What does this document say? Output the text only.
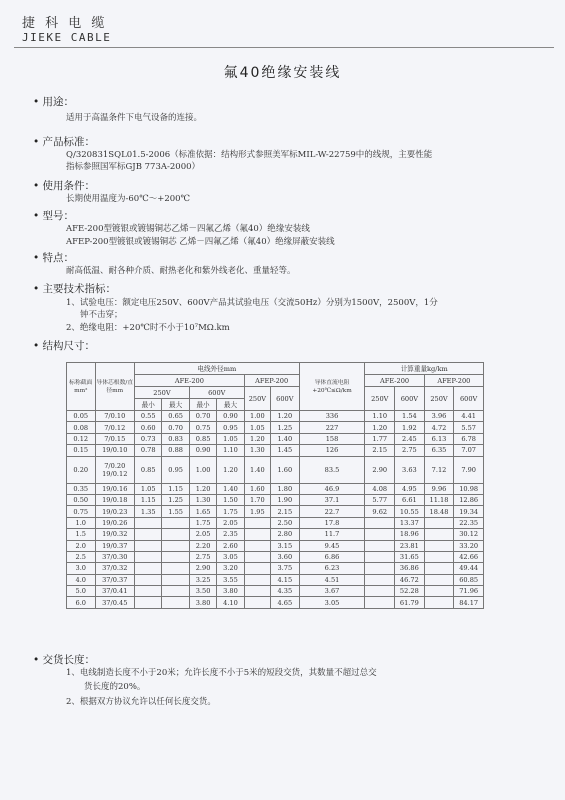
捷 科 电 缆
JIEKE CABLE
氟40绝缘安装线
• 用途：
适用于高温条件下电气设备的连接。
• 产品标准：
Q/320831SQL01.5-2006（标准依据：结构形式参照美军标MIL-W-22759中的线规，主要性能
指标参照国军标GJB 773A-2000）
• 使用条件：
长期使用温度为-60℃～+200℃
• 型号：
AFE-200型镀银或镀锡铜芯乙烯－四氟乙烯（氟40）绝缘安装线
AFEP-200型镀银或镀锡铜芯 乙烯－四氟乙烯（氟40）绝缘屏蔽安装线
• 特点：
耐高低温、耐各种介质、耐热老化和紫外线老化、重量轻等。
• 主要技术指标：
1、试验电压：额定电压250V、600V产品其试验电压（交流50Hz）分别为1500V，2500V，1分
钟不击穿；
2、绝缘电阻：+20℃时不小于10⁷MΩ.km
• 结构尺寸：
标称截面mm²	导体芯根数/直径mm	电线外径mm						导体直流电阻+20℃≤Ω/km	计算重量kg/km			
		AFE-200				AFEP-200			AFE-200		AFEP-200	
		250V		600V		250V	600V		250V	600V	250V	600V
		最小	最大	最小	最大							
0.05	7/0.10	0.55	0.65	0.70	0.90	1.00	1.20	336	1.10	1.54	3.96	4.41
0.08	7/0.12	0.60	0.70	0.75	0.95	1.05	1.25	227	1.20	1.92	4.72	5.57
0.12	7/0.15	0.73	0.83	0.85	1.05	1.20	1.40	158	1.77	2.45	6.13	6.78
0.15	19/0.10	0.78	0.88	0.90	1.10	1.30	1.45	126	2.15	2.75	6.35	7.07
0.20	7/0.20 19/0.12	0.85	0.95	1.00	1.20	1.40	1.60	83.5	2.90	3.63	7.12	7.90
0.35	19/0.16	1.05	1.15	1.20	1.40	1.60	1.80	46.9	4.08	4.95	9.96	10.98
0.50	19/0.18	1.15	1.25	1.30	1.50	1.70	1.90	37.1	5.77	6.61	11.18	12.86
0.75	19/0.23	1.35	1.55	1.65	1.75	1.95	2.15	22.7	9.62	10.55	18.48	19.34
1.0	19/0.26			1.75	2.05		2.50	17.8		13.37		22.35
1.5	19/0.32			2.05	2.35		2.80	11.7		18.96		30.12
2.0	19/0.37			2.20	2.60		3.15	9.45		23.81		33.20
2.5	37/0.30			2.75	3.05		3.60	6.86		31.65		42.66
3.0	37/0.32			2.90	3.20		3.75	6.23		36.86		49.44
4.0	37/0.37			3.25	3.55		4.15	4.51		46.72		60.85
5.0	37/0.41			3.50	3.80		4.35	3.67		52.28		71.96
6.0	37/0.45			3.80	4.10		4.65	3.05		61.79		84.17
• 交货长度：
1、电线制造长度不小于20米；允许长度不小于5米的短段交货，其数量不超过总交
货长度的20%。
2、根据双方协议允许以任何长度交货。
